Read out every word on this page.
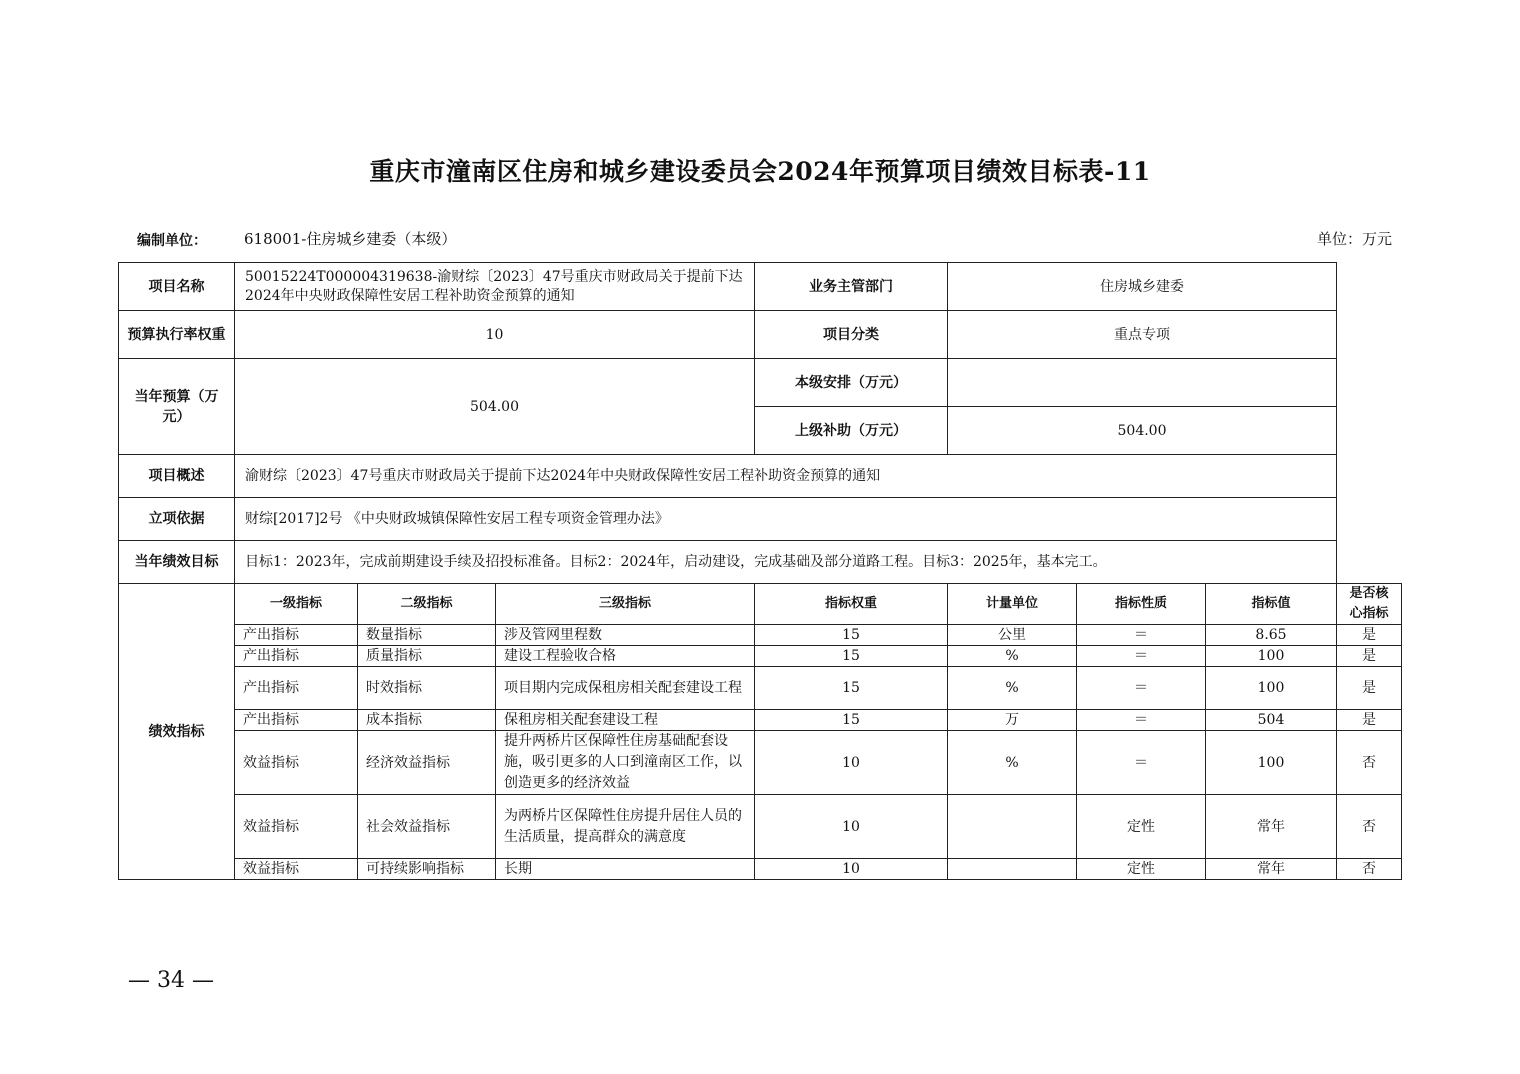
重庆市潼南区住房和城乡建设委员会2024年预算项目绩效目标表-11
编制单位： 618001-住房城乡建委（本级）	单位：万元
项目名称	50015224T000004319638-渝财综〔2023〕47号重庆市财政局关于提前下达2024年中央财政保障性安居工程补助资金预算的通知			业务主管部门	住房城乡建委			
预算执行率权重	10			项目分类	重点专项			
当年预算（万元）	504.00			本级安排（万元）				
				上级补助（万元）	504.00			
项目概述	渝财综〔2023〕47号重庆市财政局关于提前下达2024年中央财政保障性安居工程补助资金预算的通知							
立项依据	财综[2017]2号 《中央财政城镇保障性安居工程专项资金管理办法》							
当年绩效目标	目标1：2023年，完成前期建设手续及招投标准备。目标2：2024年，启动建设，完成基础及部分道路工程。目标3：2025年，基本完工。							
绩效指标	一级指标	二级指标	三级指标	指标权重	计量单位	指标性质	指标值	是否核心指标
	产出指标	数量指标	涉及管网里程数	15	公里	＝	8.65	是
	产出指标	质量指标	建设工程验收合格	15	%	＝	100	是
	产出指标	时效指标	项目期内完成保租房相关配套建设工程	15	%	＝	100	是
	产出指标	成本指标	保租房相关配套建设工程	15	万	＝	504	是
	效益指标	经济效益指标	提升两桥片区保障性住房基础配套设施，吸引更多的人口到潼南区工作，以创造更多的经济效益	10	%	＝	100	否
	效益指标	社会效益指标	为两桥片区保障性住房提升居住人员的生活质量，提高群众的满意度	10		定性	常年	否
	效益指标	可持续影响指标	长期	10		定性	常年	否
— 34 —
